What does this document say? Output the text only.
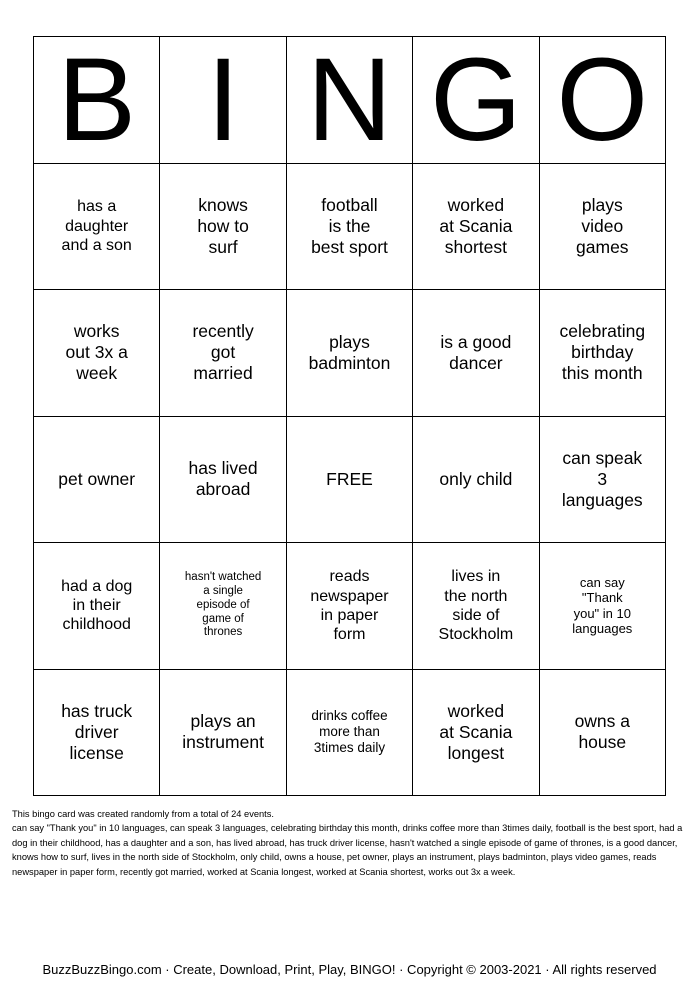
B I N G O
has a
daughter
and a son
knows
how to
surf
football
is the
best sport
worked
at Scania
shortest
plays
video
games
works
out 3x a
week
recently
got
married
plays
badminton
is a good
dancer
celebrating
birthday
this month
pet owner
has lived
abroad
FREE	only child
can speak
3
languages
had a dog
in their
childhood
hasn't watched
a single
episode of
game of
thrones
reads
newspaper
in paper
form
lives in
the north
side of
Stockholm
can say
"Thank
you" in 10
languages
has truck
driver
license
plays an
instrument
drinks coffee
more than
3times daily
worked
at Scania
longest
owns a
house

This bingo card was created randomly from a total of 24 events.

can say "Thank you" in 10 languages, can speak 3 languages, celebrating birthday this month, drinks coffee more than 3times daily, football is the best sport, had a dog in their childhood, has a daughter and a son, has lived abroad, has truck driver license, hasn't watched a single episode of game of thrones, is a good dancer, knows how to surf, lives in the north side of Stockholm, only child, owns a house, pet owner, plays an instrument, plays badminton, plays video games, reads newspaper in paper form, recently got married, worked at Scania longest, worked at Scania shortest, works out 3x a week.

BuzzBuzzBingo.com · Create, Download, Print, Play, BINGO! · Copyright © 2003-2021 · All rights reserved
